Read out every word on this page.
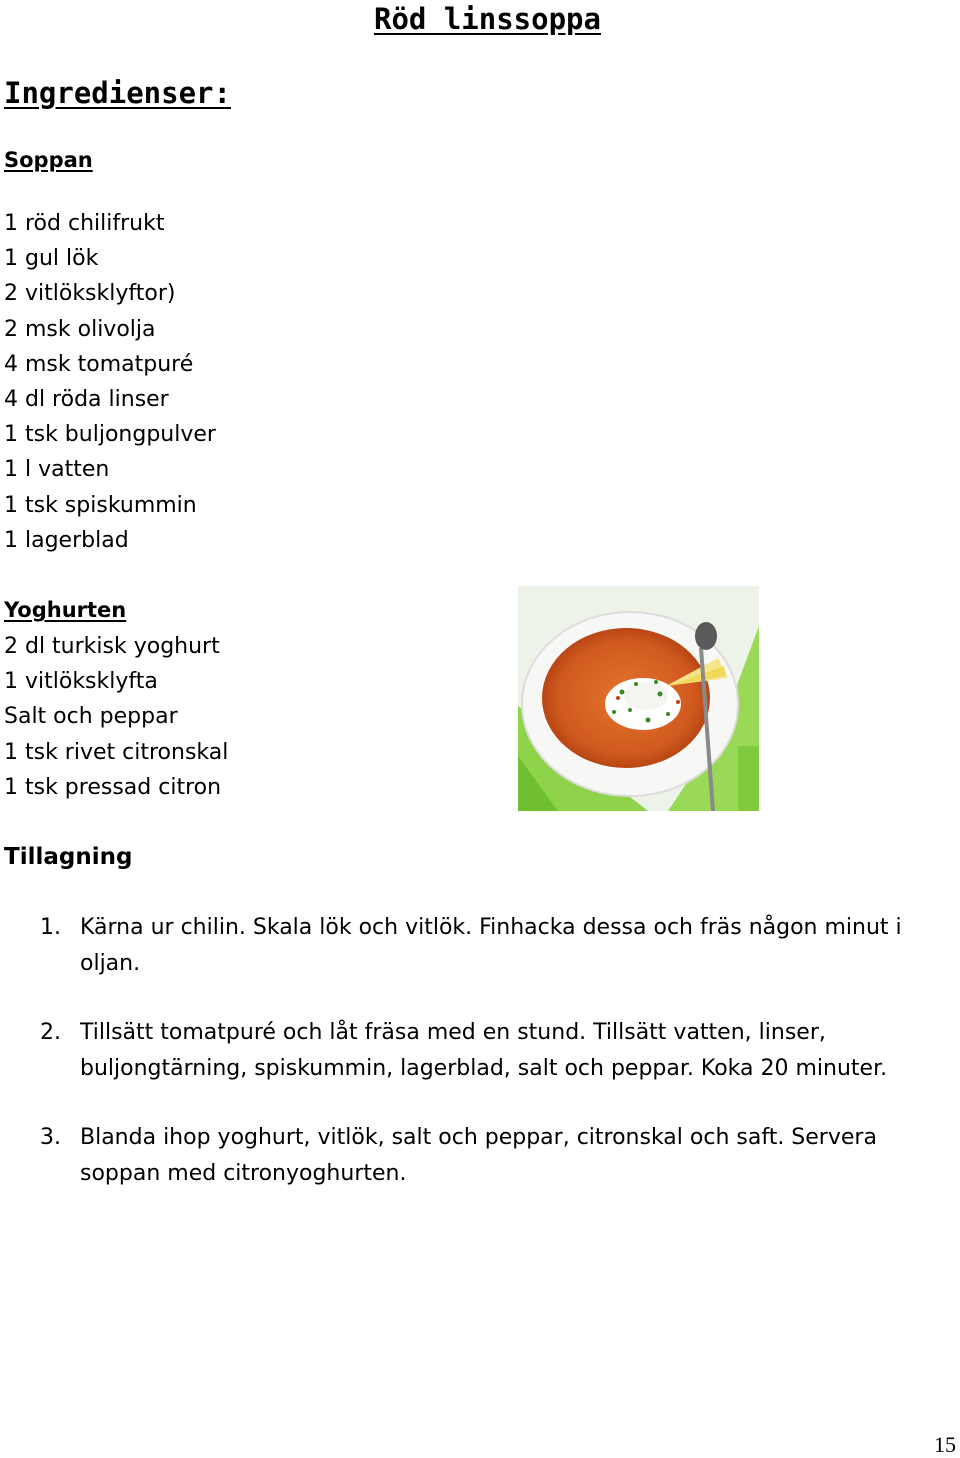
Röd linssoppa
Ingredienser:
Soppan
1 röd chilifrukt
1 gul lök
2 vitlöksklyftor)
2 msk olivolja
4 msk tomatpuré
4 dl röda linser
1 tsk buljongpulver
1 l vatten
1 tsk spiskummin
1 lagerblad
Yoghurten
2 dl turkisk yoghurt
1 vitlöksklyfta
Salt och peppar
1 tsk rivet citronskal
1 tsk pressad citron
Tillagning
1. Kärna ur chilin. Skala lök och vitlök. Finhacka dessa och fräs någon minut i oljan.
2. Tillsätt tomatpuré och låt fräsa med en stund. Tillsätt vatten, linser, buljongtärning, spiskummin, lagerblad, salt och peppar. Koka 20 minuter.
3. Blanda ihop yoghurt, vitlök, salt och peppar, citronskal och saft. Servera soppan med citronyoghurten.
15
